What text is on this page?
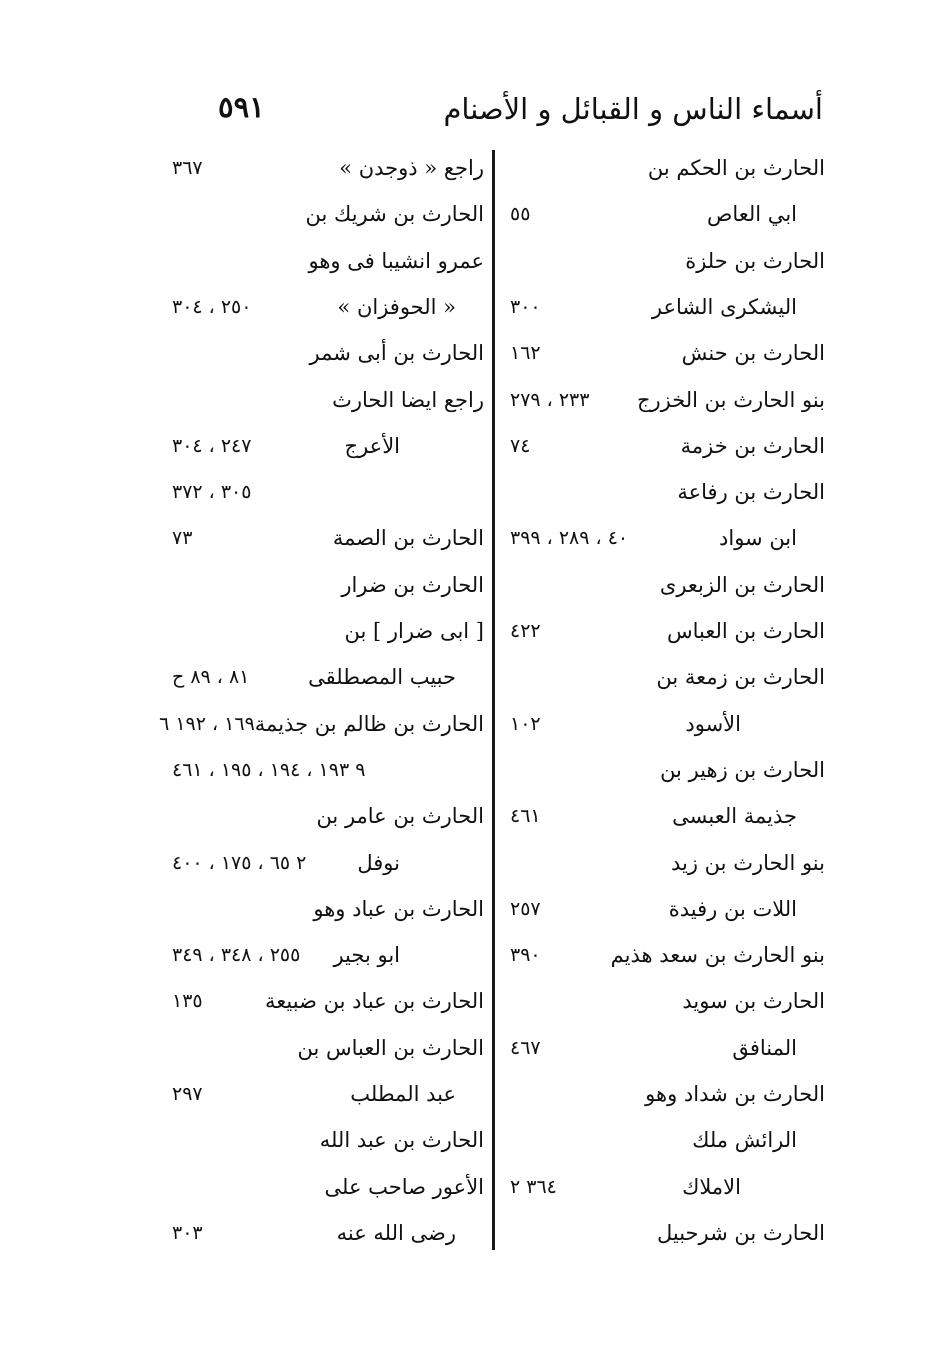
أسماء الناس و القبائل و الأصنام
٥٩١
الحارث بن الحكم بن
ابي العاص
٥٥
الحارث بن حلزة
اليشكرى الشاعر
٣٠٠
الحارث بن حنش
١٦٢
بنو الحارث بن الخزرج
٢٣٣ ، ٢٧٩
الحارث بن خزمة
٧٤
الحارث بن رفاعة
ابن سواد
٤٠ ، ٢٨٩ ، ٣٩٩
الحارث بن الزبعرى
الحارث بن العباس
٤٢٢
الحارث بن زمعة بن
الأسود
١٠٢
الحارث بن زهير بن
جذيمة العبسى
٤٦١
بنو الحارث بن زيد
اللات بن رفيدة
٢٥٧
بنو الحارث بن سعد هذيم
٣٩٠
الحارث بن سويد
المنافق
٤٦٧
الحارث بن شداد وهو
الرائش ملك
الاملاك
٣٦٤ ٢
الحارث بن شرحبيل
راجع « ذوجدن »
٣٦٧
الحارث بن شريك بن
عمرو انشيبا فى وهو
« الحوفزان »
٢٥٠ ، ٣٠٤
الحارث بن أبى شمر
راجع ايضا الحارث
الأعرج
٢٤٧ ، ٣٠٤
٣٠٥ ، ٣٧٢
الحارث بن الصمة
٧٣
الحارث بن ضرار
[ ابى ضرار ] بن
حبيب المصطلقى
٨١ ، ٨٩ ح
الحارث بن ظالم بن جذيمة
١٦٩ ، ١٩٢ ٦
٩ ١٩٣ ، ١٩٤ ، ١٩٥ ، ٤٦١
الحارث بن عامر بن
نوفل
٢ ٦٥ ، ١٧٥ ، ٤٠٠
الحارث بن عباد وهو
ابو بجير
٢٥٥ ، ٣٤٨ ، ٣٤٩
الحارث بن عباد بن ضبيعة
١٣٥
الحارث بن العباس بن
عبد المطلب
٢٩٧
الحارث بن عبد الله
الأعور صاحب على
رضى الله عنه
٣٠٣
